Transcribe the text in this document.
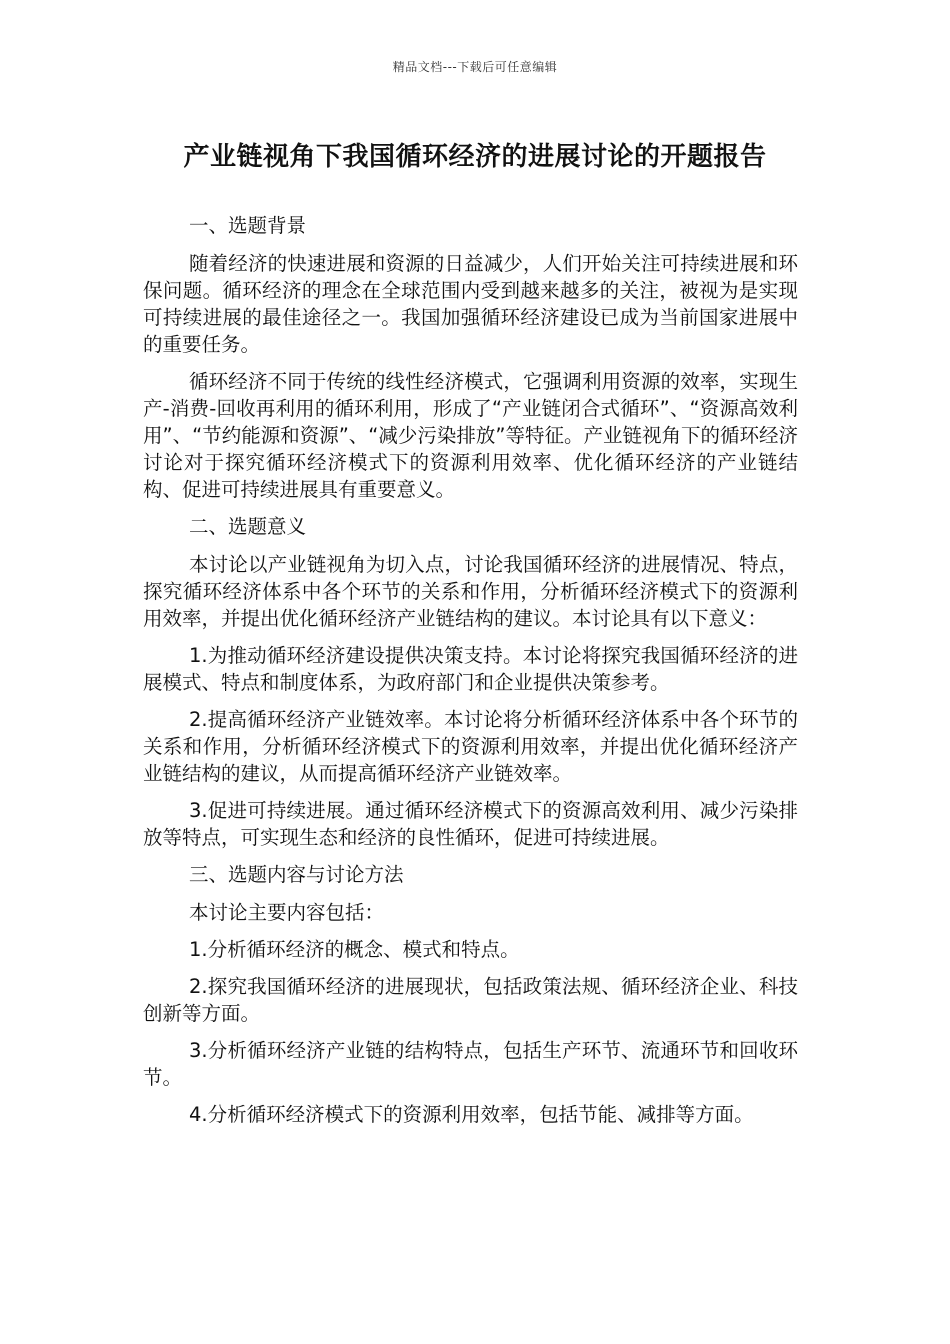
精品文档---下载后可任意编辑
产业链视角下我国循环经济的进展讨论的开题报告

一、选题背景

随着经济的快速进展和资源的日益减少，人们开始关注可持续进展和环保问题。循环经济的理念在全球范围内受到越来越多的关注，被视为是实现可持续进展的最佳途径之一。我国加强循环经济建设已成为当前国家进展中的重要任务。

循环经济不同于传统的线性经济模式，它强调利用资源的效率，实现生产-消费-回收再利用的循环利用，形成了“产业链闭合式循环”、“资源高效利用”、“节约能源和资源”、“减少污染排放”等特征。产业链视角下的循环经济讨论对于探究循环经济模式下的资源利用效率、优化循环经济的产业链结构、促进可持续进展具有重要意义。

二、选题意义

本讨论以产业链视角为切入点，讨论我国循环经济的进展情况、特点，探究循环经济体系中各个环节的关系和作用，分析循环经济模式下的资源利用效率，并提出优化循环经济产业链结构的建议。本讨论具有以下意义：

1.为推动循环经济建设提供决策支持。本讨论将探究我国循环经济的进展模式、特点和制度体系，为政府部门和企业提供决策参考。

2.提高循环经济产业链效率。本讨论将分析循环经济体系中各个环节的关系和作用，分析循环经济模式下的资源利用效率，并提出优化循环经济产业链结构的建议，从而提高循环经济产业链效率。

3.促进可持续进展。通过循环经济模式下的资源高效利用、减少污染排放等特点，可实现生态和经济的良性循环，促进可持续进展。

三、选题内容与讨论方法

本讨论主要内容包括：

1.分析循环经济的概念、模式和特点。

2.探究我国循环经济的进展现状，包括政策法规、循环经济企业、科技创新等方面。

3.分析循环经济产业链的结构特点，包括生产环节、流通环节和回收环节。

4.分析循环经济模式下的资源利用效率，包括节能、减排等方面。
